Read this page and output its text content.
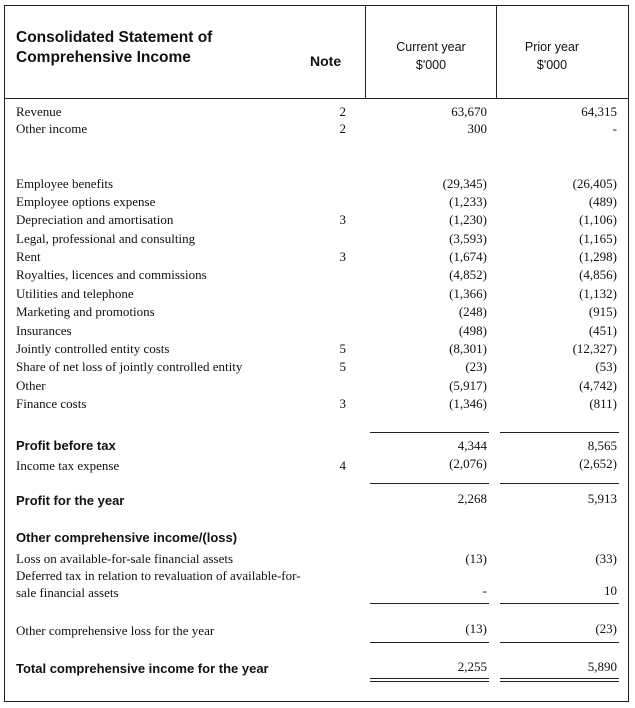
Consolidated Statement of
Comprehensive Income	Note
Current year
$'000
Prior year
$'000
Revenue	2	63,670	64,315
Other income	2	300	-
Employee benefits	(29,345)	(26,405)
Employee options expense	(1,233)	(489)
Depreciation and amortisation	3	(1,230)	(1,106)
Legal, professional and consulting	(3,593)	(1,165)
Rent	3	(1,674)	(1,298)
Royalties, licences and commissions	(4,852)	(4,856)
Utilities and telephone	(1,366)	(1,132)
Marketing and promotions	(248)	(915)
Insurances	(498)	(451)
Jointly controlled entity costs	5	(8,301)	(12,327)
Share of net loss of jointly controlled entity	5	(23)	(53)
Other	(5,917)	(4,742)
Finance costs	3	(1,346)	(811)
Profit before tax	4,344	8,565
Income tax expense	4	(2,076)	(2,652)
Profit for the year	2,268	5,913
Other comprehensive income/(loss)
Loss on available-for-sale financial assets	(13)	(33)
Deferred tax in relation to revaluation of available-for-
sale financial assets	-	10
Other comprehensive loss for the year	(13)	(23)
Total comprehensive income for the year	2,255	5,890
